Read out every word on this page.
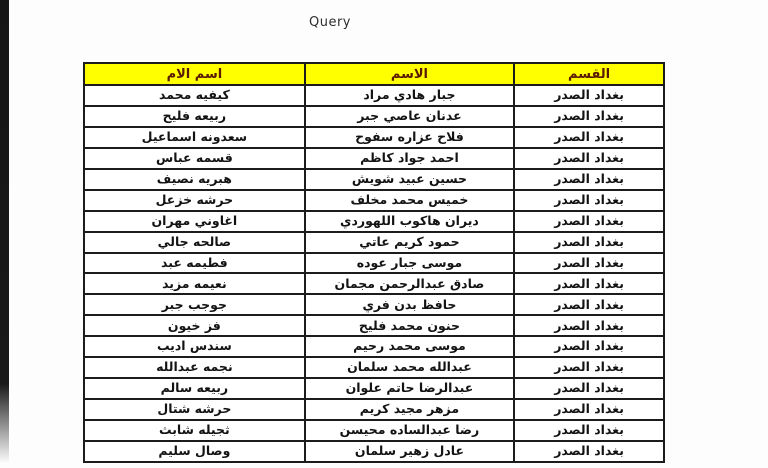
Query
القسم
الاسم
اسم الام
بغداد الصدر
جبار هادي مراد
كيفيه محمد
بغداد الصدر
عدنان عاصي جبر
ربيعه فليح
بغداد الصدر
فلاح عزاره سفوح
سعدونه اسماعيل
بغداد الصدر
احمد جواد كاظم
قسمه عباس
بغداد الصدر
حسين عبيد شويش
هبريه نصيف
بغداد الصدر
خميس محمد مخلف
حرشه خزعل
بغداد الصدر
ديران هاكوب اللهوردي
اغاوني مهران
بغداد الصدر
حمود كريم عاتي
صالحه جالي
بغداد الصدر
موسى جبار عوده
فطيمه عبد
بغداد الصدر
صادق عبدالرحمن مجمان
نعيمه مزيد
بغداد الصدر
حافظ بدن فري
جوجب جبر
بغداد الصدر
حنون محمد فليح
فز خيون
بغداد الصدر
موسى محمد رحيم
سندس اديب
بغداد الصدر
عبدالله محمد سلمان
نجمه عبدالله
بغداد الصدر
عبدالرضا حاتم علوان
ربيعه سالم
بغداد الصدر
مزهر مجيد كريم
حرشه شتال
بغداد الصدر
رضا عبدالساده محيسن
ثجيله شابث
بغداد الصدر
عادل زهير سلمان
وصال سليم
